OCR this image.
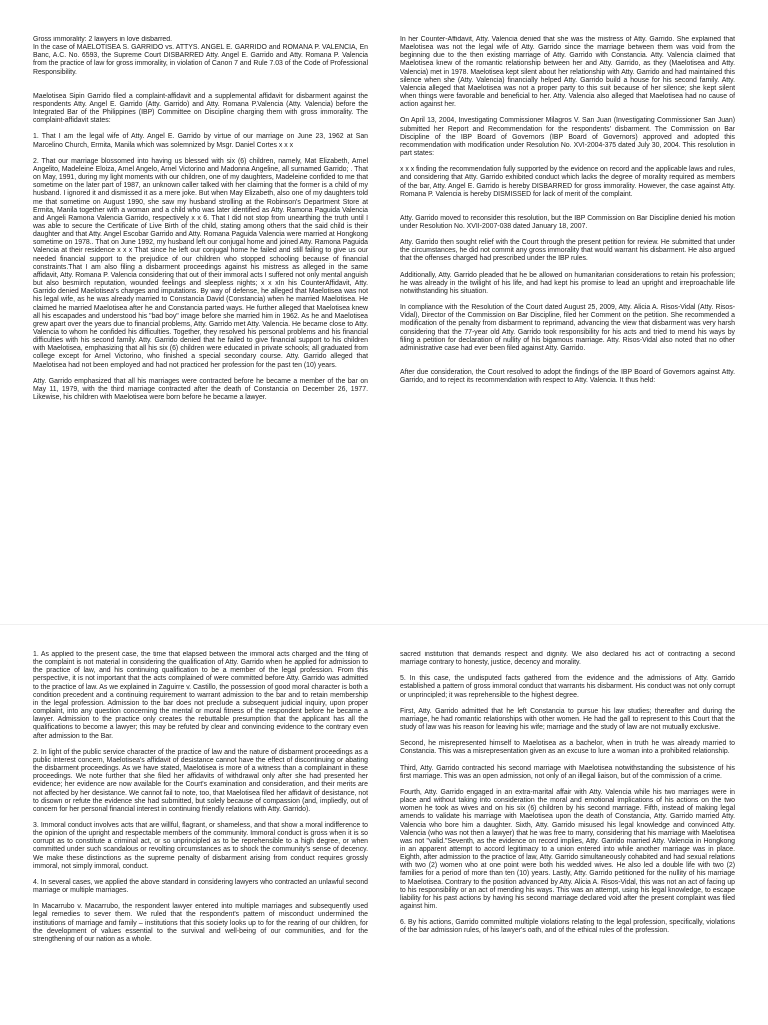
Gross immorality: 2 lawyers in love disbarred.

In the case of MAELOTISEA S. GARRIDO vs. ATTYS. ANGEL E. GARRIDO and ROMANA P. VALENCIA, En Banc, A.C. No. 6593, the Supreme Court DISBARRED Atty. Angel E. Garrido and Atty. Romana P. Valencia from the practice of law for gross immorality, in violation of Canon 7 and Rule 7.03 of the Code of Professional Responsibility.

Maelotisea Sipin Garrido filed a complaint-affidavit and a supplemental affidavit for disbarment against the respondents Atty. Angel E. Garrido (Atty. Garrido) and Atty. Romana P.Valencia (Atty. Valencia) before the Integrated Bar of the Philippines (IBP) Committee on Discipline charging them with gross immorality. The complaint-affidavit states:

1. That I am the legal wife of Atty. Angel E. Garrido by virtue of our marriage on June 23, 1962 at San Marcelino Church, Ermita, Manila which was solemnized by Msgr. Daniel Cortes x x x

2. That our marriage blossomed into having us blessed with six (6) children, namely, Mat Elizabeth, Arnel Angelito, Madeleine Eloiza, Arnel Angelo, Arnel Victorino and Madonna Angeline, all surnamed Garrido; . That on May, 1991, during my light moments with our children, one of my daughters, Madeleine confided to me that sometime on the later part of 1987, an unknown caller talked with her claiming that the former is a child of my husband. I ignored it and dismissed it as a mere joke. But when May Elizabeth, also one of my daughters told me that sometime on August 1990, she saw my husband strolling at the Robinson's Department Store at Ermita, Manila together with a woman and a child who was later identified as Atty. Ramona Paguida Valencia and Angeli Ramona Valencia Garrido, respectively x x 6. That I did not stop from unearthing the truth until I was able to secure the Certificate of Live Birth of the child, stating among others that the said child is their daughter and that Atty. Angel Escobar Garrido and Atty. Romana Paguida Valencia were married at Hongkong sometime on 1978.. That on June 1992, my husband left our conjugal home and joined Atty. Ramona Paguida Valencia at their residence x x x That since he left our conjugal home he failed and still failing to give us our needed financial support to the prejudice of our children who stopped schooling because of financial constraints.That I am also filing a disbarment proceedings against his mistress as alleged in the same affidavit, Atty. Romana P. Valencia considering that out of their immoral acts I suffered not only mental anguish but also besmirch reputation, wounded feelings and sleepless nights; x x xIn his CounterAffidavit, Atty. Garrido denied Maelotisea's charges and imputations. By way of defense, he alleged that Maelotisea was not his legal wife, as he was already married to Constancia David (Constancia) when he married Maelotisea. He claimed he married Maelotisea after he and Constancia parted ways. He further alleged that Maelotisea knew all his escapades and understood his "bad boy" image before she married him in 1962. As he and Maelotisea grew apart over the years due to financial problems, Atty. Garrido met Atty. Valencia. He became close to Atty. Valencia to whom he confided his difficulties. Together, they resolved his personal problems and his financial difficulties with his second family. Atty. Garrido denied that he failed to give financial support to his children with Maelotisea, emphasizing that all his six (6) children were educated in private schools; all graduated from college except for Arnel Victorino, who finished a special secondary course. Atty. Garrido alleged that Maelotisea had not been employed and had not practiced her profession for the past ten (10) years.

Atty. Garrido emphasized that all his marriages were contracted before he became a member of the bar on May 11, 1979, with the third marriage contracted after the death of Constancia on December 26, 1977. Likewise, his children with Maelotisea were born before he became a lawyer.

In her Counter-Affidavit, Atty. Valencia denied that she was the mistress of Atty. Garrido. She explained that Maelotisea was not the legal wife of Atty. Garrido since the marriage between them was void from the beginning due to the then existing marriage of Atty. Garrido with Constancia. Atty. Valencia claimed that Maelotisea knew of the romantic relationship between her and Atty. Garrido, as they (Maelotisea and Atty. Valencia) met in 1978. Maelotisea kept silent about her relationship with Atty. Garrido and had maintained this silence when she (Atty. Valencia) financially helped Atty. Garrido build a house for his second family. Atty. Valencia alleged that Maelotisea was not a proper party to this suit because of her silence; she kept silent when things were favorable and beneficial to her. Atty. Valencia also alleged that Maelotisea had no cause of action against her.

On April 13, 2004, Investigating Commissioner Milagros V. San Juan (Investigating Commissioner San Juan) submitted her Report and Recommendation for the respondents' disbarment. The Commission on Bar Discipline of the IBP Board of Governors (IBP Board of Governors) approved and adopted this recommendation with modification under Resolution No. XVI-2004-375 dated July 30, 2004. This resolution in part states:

x x x finding the recommendation fully supported by the evidence on record and the applicable laws and rules, and considering that Atty. Garrido exhibited conduct which lacks the degree of morality required as members of the bar, Atty. Angel E. Garrido is hereby DISBARRED for gross immorality. However, the case against Atty. Romana P. Valencia is hereby DISMISSED for lack of merit of the complaint.

Atty. Garrido moved to reconsider this resolution, but the IBP Commission on Bar Discipline denied his motion under Resolution No. XVII-2007-038 dated January 18, 2007.

Atty. Garrido then sought relief with the Court through the present petition for review. He submitted that under the circumstances, he did not commit any gross immorality that would warrant his disbarment. He also argued that the offenses charged had prescribed under the IBP rules.

Additionally, Atty. Garrido pleaded that he be allowed on humanitarian considerations to retain his profession; he was already in the twilight of his life, and had kept his promise to lead an upright and irreproachable life notwithstanding his situation.

In compliance with the Resolution of the Court dated August 25, 2009, Atty. Alicia A. Risos-Vidal (Atty. Risos-Vidal), Director of the Commission on Bar Discipline, filed her Comment on the petition. She recommended a modification of the penalty from disbarment to reprimand, advancing the view that disbarment was very harsh considering that the 77-year old Atty. Garrido took responsibility for his acts and tried to mend his ways by filing a petition for declaration of nullity of his bigamous marriage. Atty. Risos-Vidal also noted that no other administrative case had ever been filed against Atty. Garrido.

After due consideration, the Court resolved to adopt the findings of the IBP Board of Governors against Atty. Garrido, and to reject its recommendation with respect to Atty. Valencia. It thus held:

1. As applied to the present case, the time that elapsed between the immoral acts charged and the filing of the complaint is not material in considering the qualification of Atty. Garrido when he applied for admission to the practice of law, and his continuing qualification to be a member of the legal profession. From this perspective, it is not important that the acts complained of were committed before Atty. Garrido was admitted to the practice of law. As we explained in Zaguirre v. Castillo, the possession of good moral character is both a condition precedent and a continuing requirement to warrant admission to the bar and to retain membership in the legal profession. Admission to the bar does not preclude a subsequent judicial inquiry, upon proper complaint, into any question concerning the mental or moral fitness of the respondent before he became a lawyer. Admission to the practice only creates the rebuttable presumption that the applicant has all the qualifications to become a lawyer; this may be refuted by clear and convincing evidence to the contrary even after admission to the Bar.

2. In light of the public service character of the practice of law and the nature of disbarment proceedings as a public interest concern, Maelotisea's affidavit of desistance cannot have the effect of discontinuing or abating the disbarment proceedings. As we have stated, Maelotisea is more of a witness than a complainant in these proceedings. We note further that she filed her affidavits of withdrawal only after she had presented her evidence; her evidence are now available for the Court's examination and consideration, and their merits are not affected by her desistance. We cannot fail to note, too, that Maelotisea filed her affidavit of desistance, not to disown or refute the evidence she had submitted, but solely because of compassion (and, impliedly, out of concern for her personal financial interest in continuing friendly relations with Atty. Garrido).

3. Immoral conduct involves acts that are willful, flagrant, or shameless, and that show a moral indifference to the opinion of the upright and respectable members of the community. Immoral conduct is gross when it is so corrupt as to constitute a criminal act, or so unprincipled as to be reprehensible to a high degree, or when committed under such scandalous or revolting circumstances as to shock the community's sense of decency. We make these distinctions as the supreme penalty of disbarment arising from conduct requires grossly immoral, not simply immoral, conduct.

4. In several cases, we applied the above standard in considering lawyers who contracted an unlawful second marriage or multiple marriages.

In Macarrubo v. Macarrubo, the respondent lawyer entered into multiple marriages and subsequently used legal remedies to sever them. We ruled that the respondent's pattern of misconduct undermined the institutions of marriage and family – institutions that this society looks up to for the rearing of our children, for the development of values essential to the survival and well-being of our communities, and for the strengthening of our nation as a whole.

sacred institution that demands respect and dignity. We also declared his act of contracting a second marriage contrary to honesty, justice, decency and morality.

5. In this case, the undisputed facts gathered from the evidence and the admissions of Atty. Garrido established a pattern of gross immoral conduct that warrants his disbarment. His conduct was not only corrupt or unprincipled; it was reprehensible to the highest degree.

First, Atty. Garrido admitted that he left Constancia to pursue his law studies; thereafter and during the marriage, he had romantic relationships with other women. He had the gall to represent to this Court that the study of law was his reason for leaving his wife; marriage and the study of law are not mutually exclusive.

Second, he misrepresented himself to Maelotisea as a bachelor, when in truth he was already married to Constancia. This was a misrepresentation given as an excuse to lure a woman into a prohibited relationship.

Third, Atty. Garrido contracted his second marriage with Maelotisea notwithstanding the subsistence of his first marriage. This was an open admission, not only of an illegal liaison, but of the commission of a crime.

Fourth, Atty. Garrido engaged in an extra-marital affair with Atty. Valencia while his two marriages were in place and without taking into consideration the moral and emotional implications of his actions on the two women he took as wives and on his six (6) children by his second marriage. Fifth, instead of making legal amends to validate his marriage with Maelotisea upon the death of Constancia, Atty. Garrido married Atty. Valencia who bore him a daughter. Sixth, Atty. Garrido misused his legal knowledge and convinced Atty. Valencia (who was not then a lawyer) that he was free to marry, considering that his marriage with Maelotisea was not "valid."Seventh, as the evidence on record implies, Atty. Garrido married Atty. Valencia in Hongkong in an apparent attempt to accord legitimacy to a union entered into while another marriage was in place. Eighth, after admission to the practice of law, Atty. Garrido simultaneously cohabited and had sexual relations with two (2) women who at one point were both his wedded wives. He also led a double life with two (2) families for a period of more than ten (10) years. Lastly, Atty. Garrido petitioned for the nullity of his marriage to Maelotisea. Contrary to the position advanced by Atty. Alicia A. Risos-Vidal, this was not an act of facing up to his responsibility or an act of mending his ways. This was an attempt, using his legal knowledge, to escape liability for his past actions by having his second marriage declared void after the present complaint was filed against him.

6. By his actions, Garrido committed multiple violations relating to the legal profession, specifically, violations of the bar admission rules, of his lawyer's oath, and of the ethical rules of the profession.
